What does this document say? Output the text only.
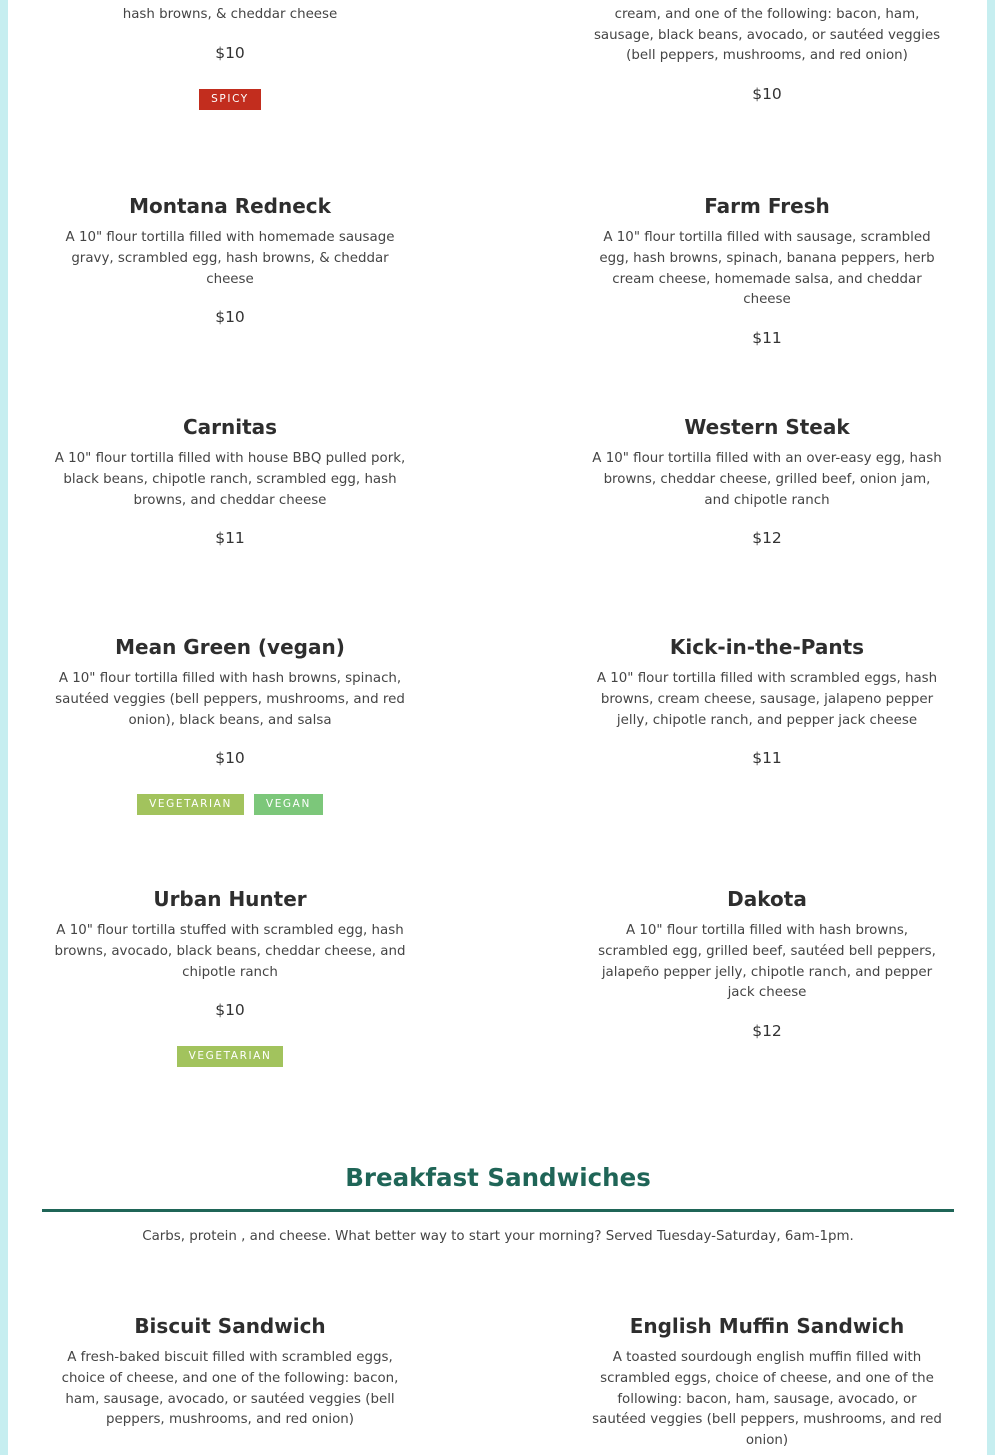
hash browns, & cheddar cheese
$10
SPICY
cream, and one of the following: bacon, ham, sausage, black beans, avocado, or sautéed veggies (bell peppers, mushrooms, and red onion)
$10
Montana Redneck
A 10" flour tortilla filled with homemade sausage gravy, scrambled egg, hash browns, & cheddar cheese
$10
Farm Fresh
A 10" flour tortilla filled with sausage, scrambled egg, hash browns, spinach, banana peppers, herb cream cheese, homemade salsa, and cheddar cheese
$11
Carnitas
A 10" flour tortilla filled with house BBQ pulled pork, black beans, chipotle ranch, scrambled egg, hash browns, and cheddar cheese
$11
Western Steak
A 10" flour tortilla filled with an over-easy egg, hash browns, cheddar cheese, grilled beef, onion jam, and chipotle ranch
$12
Mean Green (vegan)
A 10" flour tortilla filled with hash browns, spinach, sautéed veggies (bell peppers, mushrooms, and red onion), black beans, and salsa
$10
VEGETARIAN	VEGAN
Kick-in-the-Pants
A 10" flour tortilla filled with scrambled eggs, hash browns, cream cheese, sausage, jalapeno pepper jelly, chipotle ranch, and pepper jack cheese
$11
Urban Hunter
A 10" flour tortilla stuffed with scrambled egg, hash browns, avocado, black beans, cheddar cheese, and chipotle ranch
$10
VEGETARIAN
Dakota
A 10" flour tortilla filled with hash browns, scrambled egg, grilled beef, sautéed bell peppers, jalapeño pepper jelly, chipotle ranch, and pepper jack cheese
$12
Breakfast Sandwiches
Carbs, protein , and cheese. What better way to start your morning? Served Tuesday-Saturday, 6am-1pm.
Biscuit Sandwich
A fresh-baked biscuit filled with scrambled eggs, choice of cheese, and one of the following: bacon, ham, sausage, avocado, or sautéed veggies (bell peppers, mushrooms, and red onion)
English Muffin Sandwich
A toasted sourdough english muffin filled with scrambled eggs, choice of cheese, and one of the following: bacon, ham, sausage, avocado, or sautéed veggies (bell peppers, mushrooms, and red onion)
